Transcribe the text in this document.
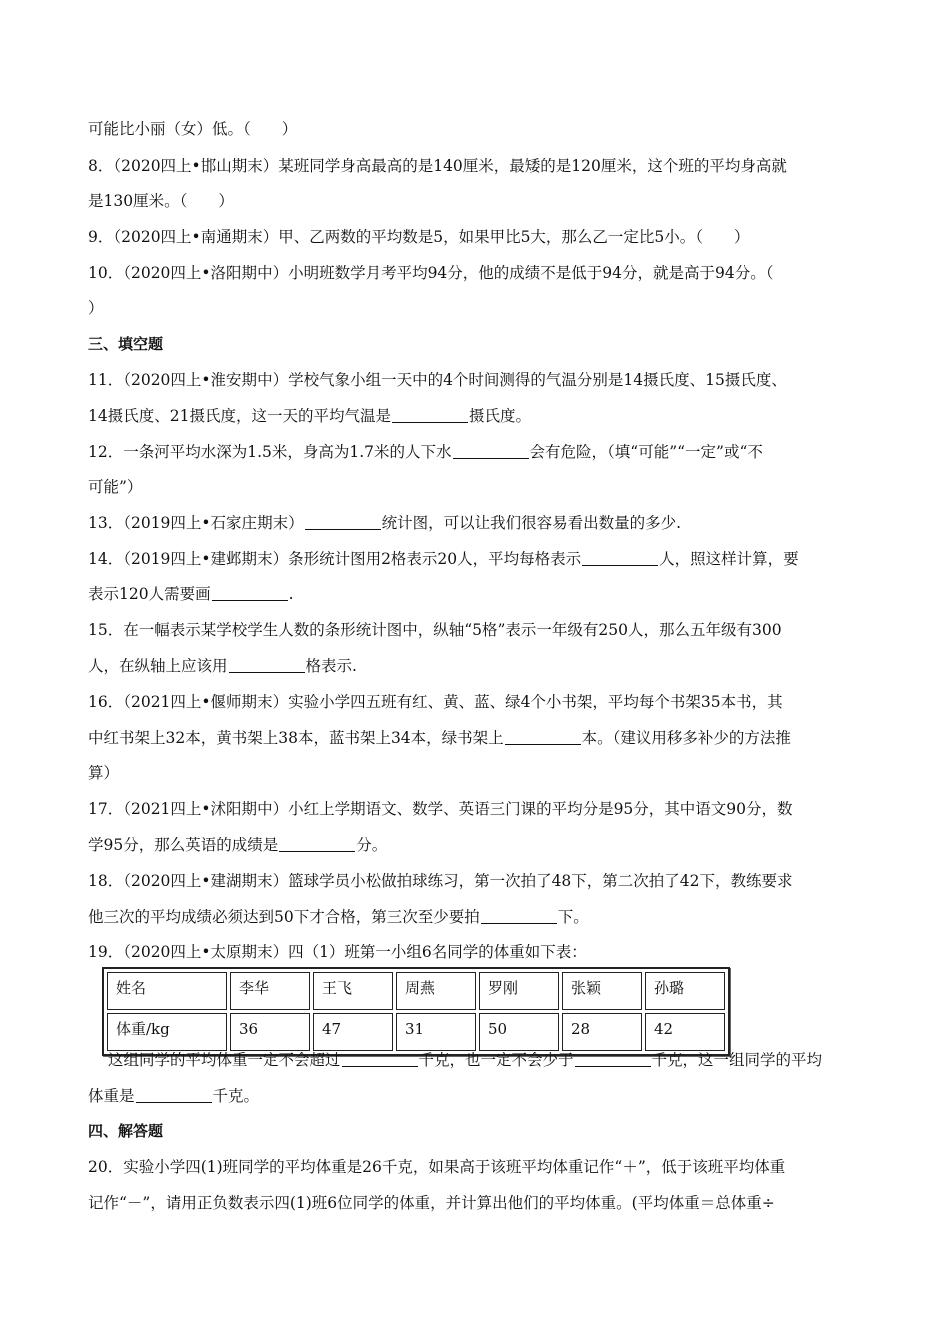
可能比小丽（女）低。（　　）
8．（2020四上•邯山期末）某班同学身高最高的是140厘米，最矮的是120厘米，这个班的平均身高就
是130厘米。（　　）
9．（2020四上•南通期末）甲、乙两数的平均数是5，如果甲比5大，那么乙一定比5小。（　　）
10．（2020四上•洛阳期中）小明班数学月考平均94分，他的成绩不是低于94分，就是高于94分。（
）
三、填空题
11．（2020四上•淮安期中）学校气象小组一天中的4个时间测得的气温分别是14摄氏度、15摄氏度、
14摄氏度、21摄氏度，这一天的平均气温是	摄氏度。
12．一条河平均水深为1.5米，身高为1.7米的人下水	会有危险，（填“可能”“一定”或“不
可能”）
13．（2019四上•石家庄期末）	统计图，可以让我们很容易看出数量的多少.
14．（2019四上•建邺期末）条形统计图用2格表示20人，平均每格表示	人，照这样计算，要
表示120人需要画	.
15．在一幅表示某学校学生人数的条形统计图中，纵轴“5格”表示一年级有250人，那么五年级有300
人，在纵轴上应该用	格表示.
16．（2021四上•偃师期末）实验小学四五班有红、黄、蓝、绿4个小书架，平均每个书架35本书，其
中红书架上32本，黄书架上38本，蓝书架上34本，绿书架上	本。（建议用移多补少的方法推
算）
17．（2021四上•沭阳期中）小红上学期语文、数学、英语三门课的平均分是95分，其中语文90分，数
学95分，那么英语的成绩是	分。
18．（2020四上•建湖期末）篮球学员小松做拍球练习，第一次拍了48下，第二次拍了42下，教练要求
他三次的平均成绩必须达到50下才合格，第三次至少要拍	下。
19．（2020四上•太原期末）四（1）班第一小组6名同学的体重如下表：
姓名	李华	王飞	周燕	罗刚	张颖	孙璐
体重/kg	36	47	31	50	28	42
这组同学的平均体重一定不会超过	千克，也一定不会少于	千克，这一组同学的平均
体重是	千克。
四、解答题
20．实验小学四(1)班同学的平均体重是26千克，如果高于该班平均体重记作“＋”，低于该班平均体重
记作“－”，请用正负数表示四(1)班6位同学的体重，并计算出他们的平均体重。(平均体重＝总体重÷
